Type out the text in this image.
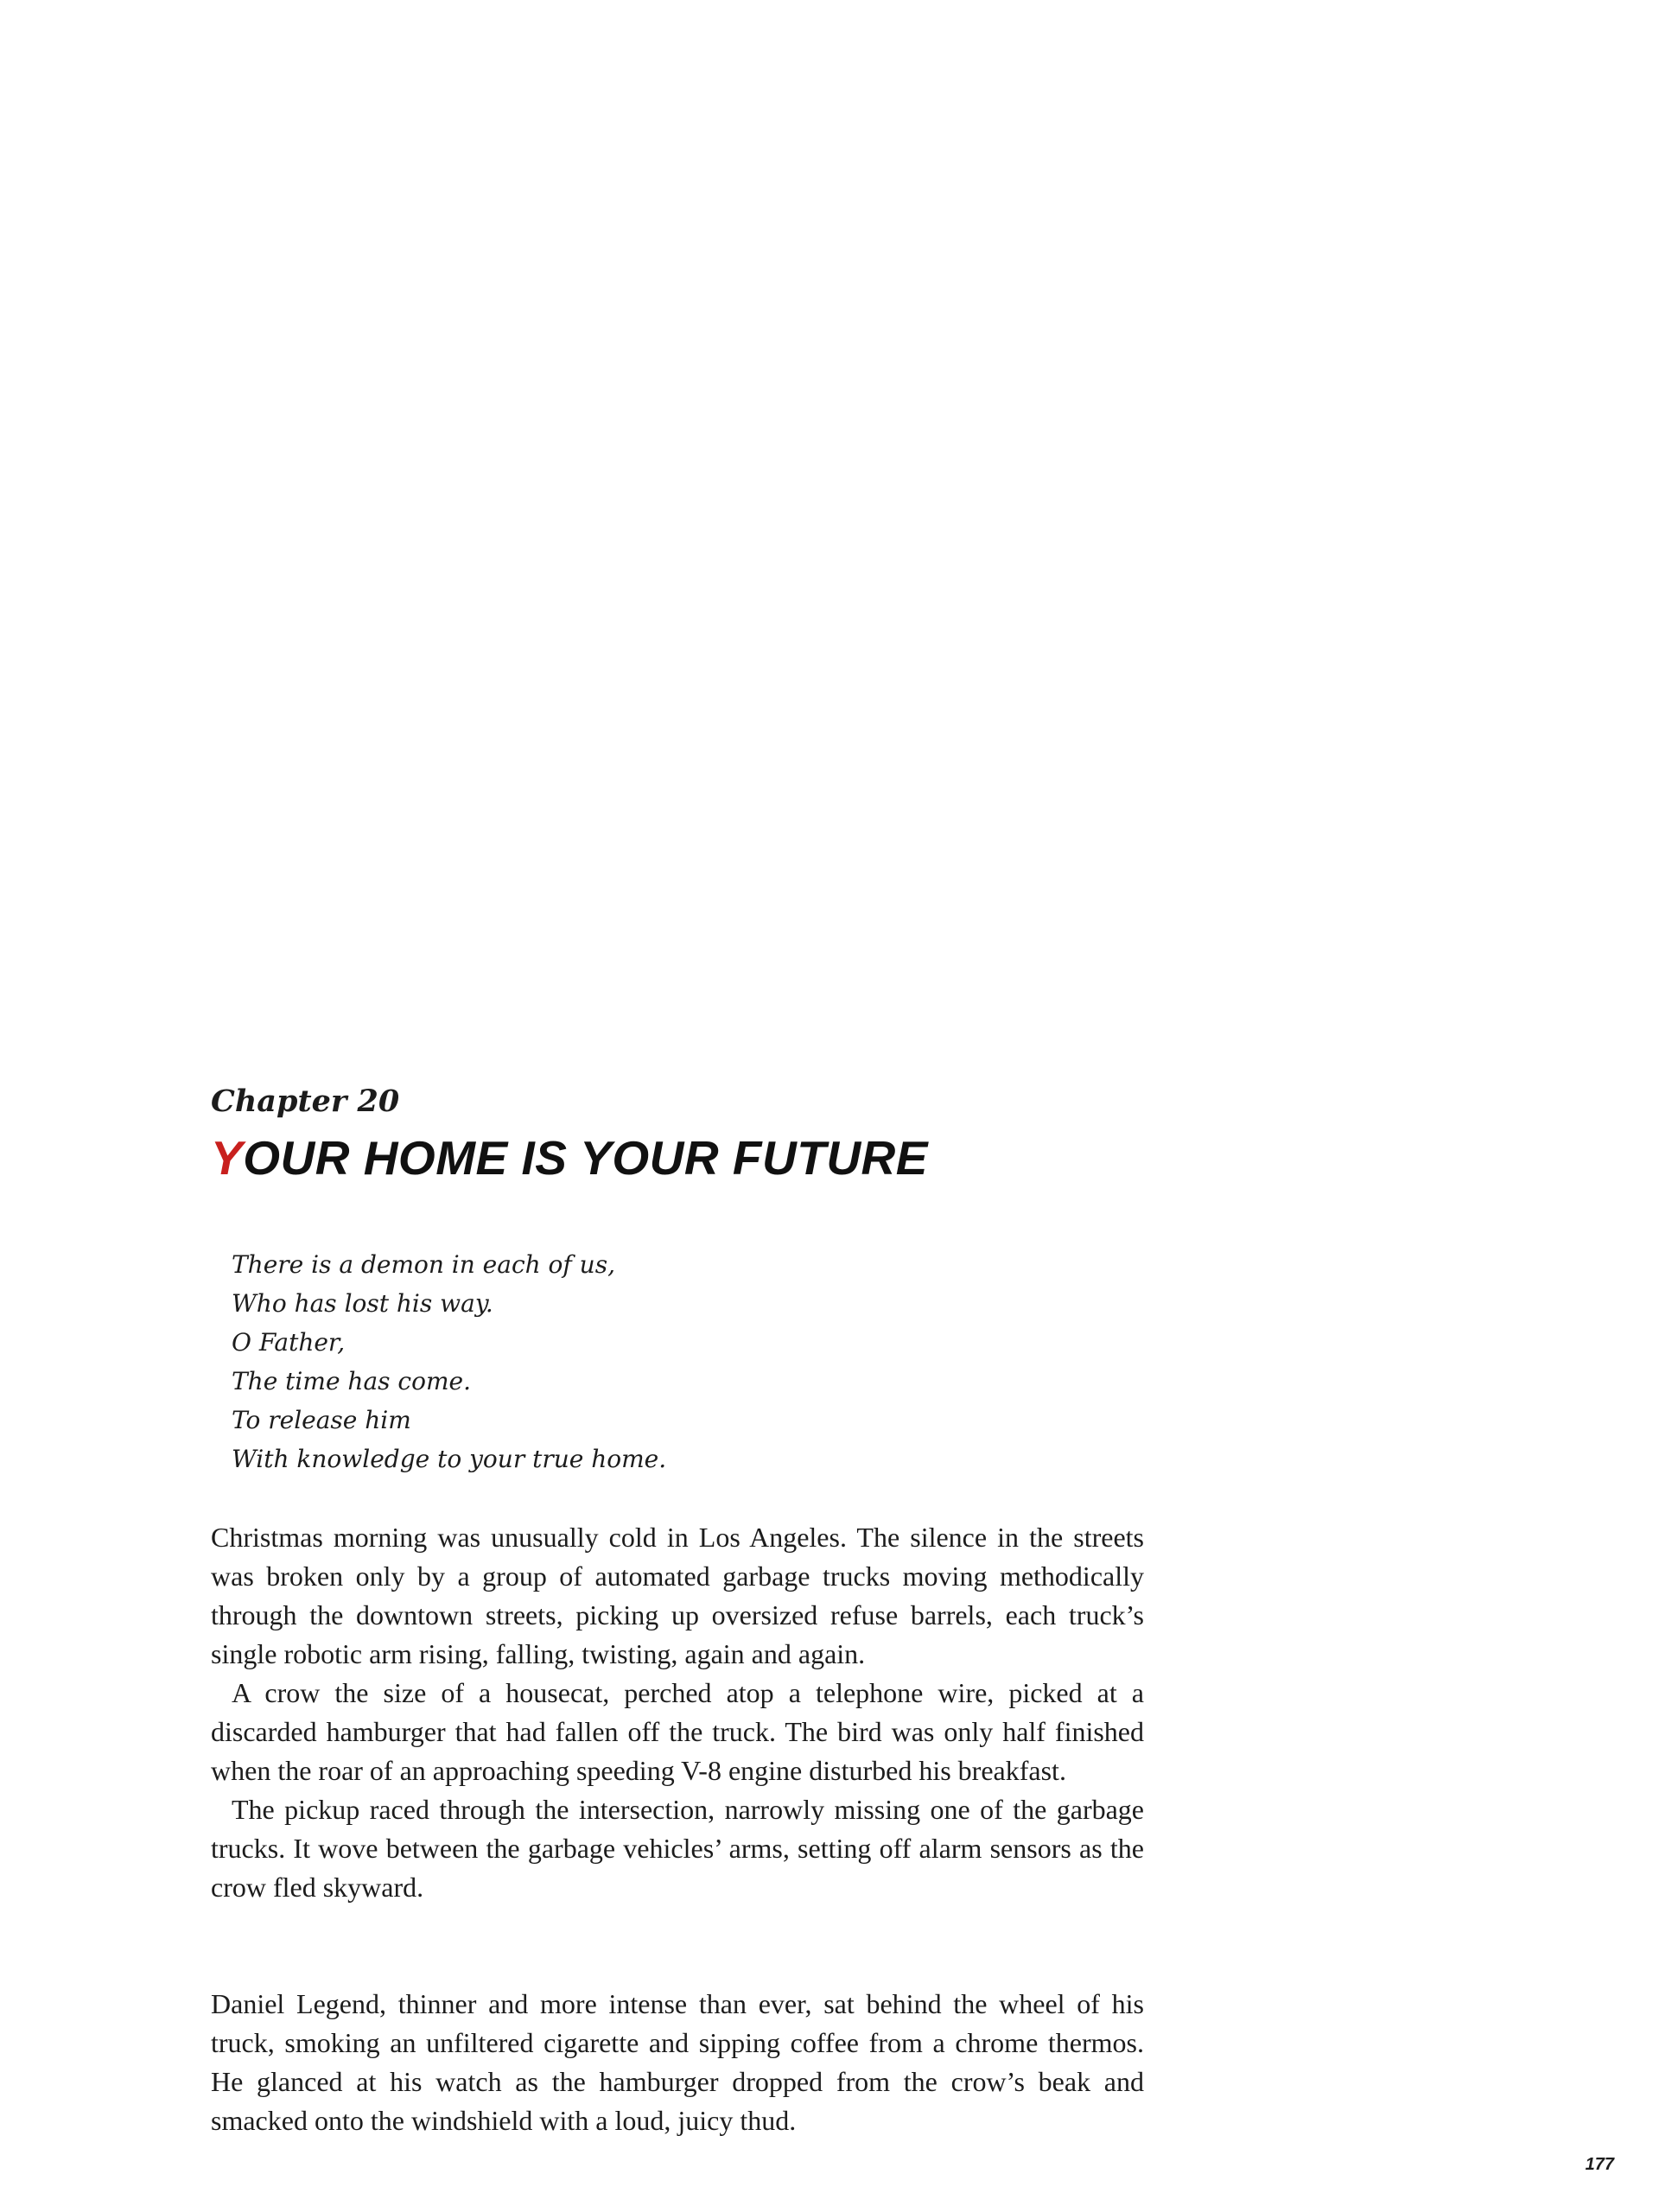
Chapter 20
YOUR HOME IS YOUR FUTURE
There is a demon in each of us,
Who has lost his way.
O Father,
The time has come.
To release him
With knowledge to your true home.

Christmas morning was unusually cold in Los Angeles. The silence in the streets was broken only by a group of automated garbage trucks moving methodically through the downtown streets, picking up oversized refuse barrels, each truck’s single robotic arm rising, falling, twisting, again and again.

A crow the size of a housecat, perched atop a telephone wire, picked at a discarded hamburger that had fallen off the truck. The bird was only half finished when the roar of an approaching speeding V-8 engine disturbed his breakfast.

The pickup raced through the intersection, narrowly missing one of the garbage trucks. It wove between the garbage vehicles’ arms, setting off alarm sensors as the crow fled skyward.

Daniel Legend, thinner and more intense than ever, sat behind the wheel of his truck, smoking an unfiltered cigarette and sipping coffee from a chrome thermos. He glanced at his watch as the hamburger dropped from the crow’s beak and smacked onto the windshield with a loud, juicy thud.

177
